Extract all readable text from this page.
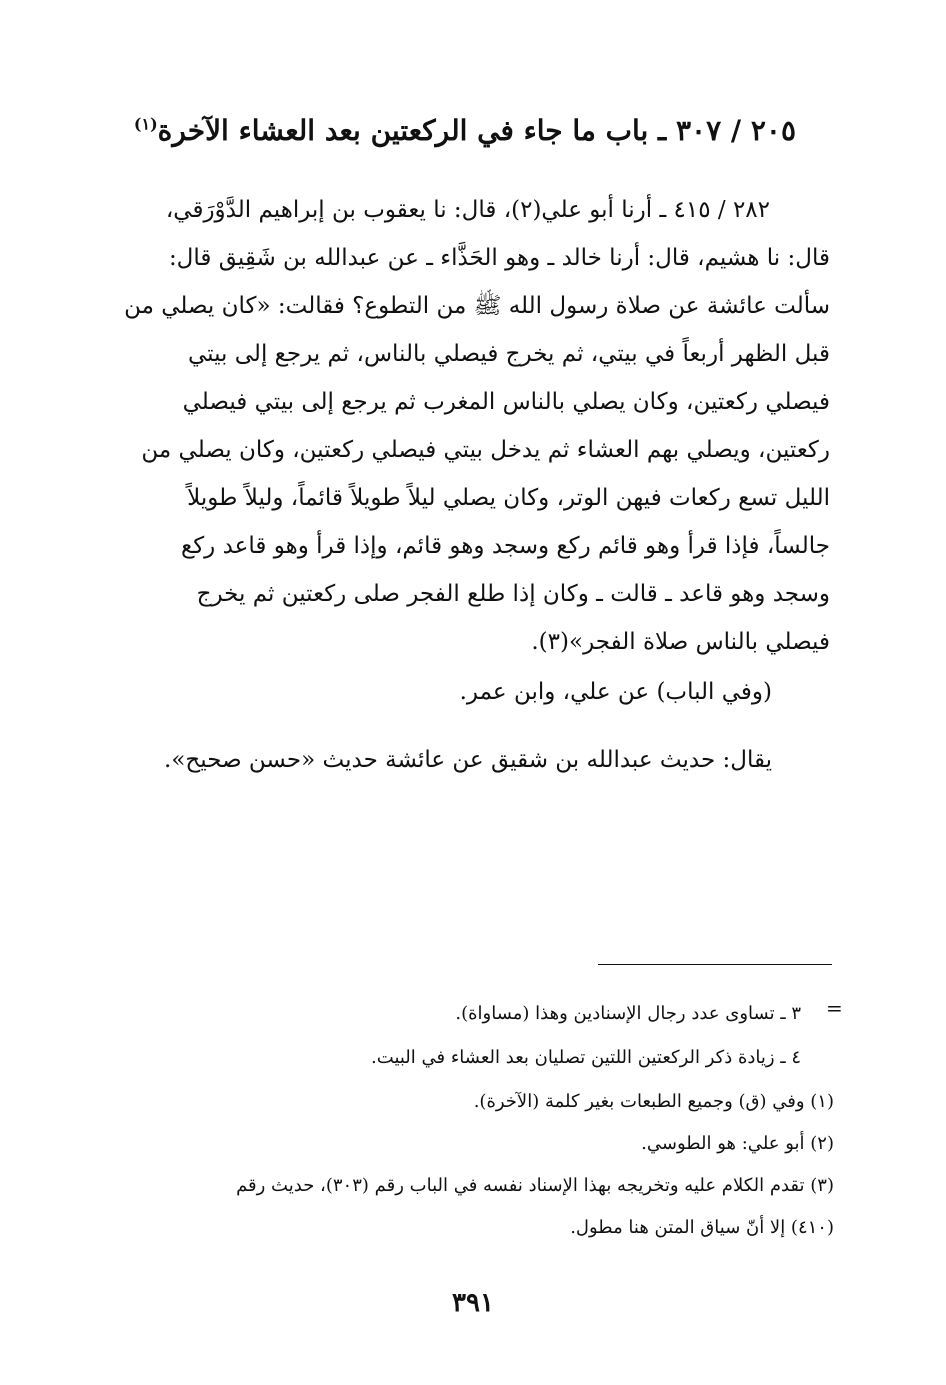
٢٠٥ / ٣٠٧ ـ باب ما جاء في الركعتين بعد العشاء الآخرة$^{(١)}$
٢٨٢ / ٤١٥ ـ أرنا أبو علي(٢)، قال: نا يعقوب بن إبراهيم الدَّوْرَقي،
قال: نا هشيم، قال: أرنا خالد ـ وهو الحَذَّاء ـ عن عبدالله بن شَقِيق قال:
سألت عائشة عن صلاة رسول الله ﷺ من التطوع؟ فقالت: «كان يصلي من
قبل الظهر أربعاً في بيتي، ثم يخرج فيصلي بالناس، ثم يرجع إلى بيتي
فيصلي ركعتين، وكان يصلي بالناس المغرب ثم يرجع إلى بيتي فيصلي
ركعتين، ويصلي بهم العشاء ثم يدخل بيتي فيصلي ركعتين، وكان يصلي من
الليل تسع ركعات فيهن الوتر، وكان يصلي ليلاً طويلاً قائماً، وليلاً طويلاً
جالساً، فإذا قرأ وهو قائم ركع وسجد وهو قائم، وإذا قرأ وهو قاعد ركع
وسجد وهو قاعد ـ قالت ـ وكان إذا طلع الفجر صلى ركعتين ثم يخرج
فيصلي بالناس صلاة الفجر»(٣).
(وفي الباب) عن علي، وابن عمر.
يقال: حديث عبدالله بن شقيق عن عائشة حديث «حسن صحيح».
=
٣ ـ تساوى عدد رجال الإسنادين وهذا (مساواة).
٤ ـ زيادة ذكر الركعتين اللتين تصليان بعد العشاء في البيت.
(١) وفي (ق) وجميع الطبعات بغير كلمة (الآخرة).
(٢) أبو علي: هو الطوسي.
(٣) تقدم الكلام عليه وتخريجه بهذا الإسناد نفسه في الباب رقم (٣٠٣)، حديث رقم
(٤١٠) إلا أنّ سياق المتن هنا مطول.
٣٩١
